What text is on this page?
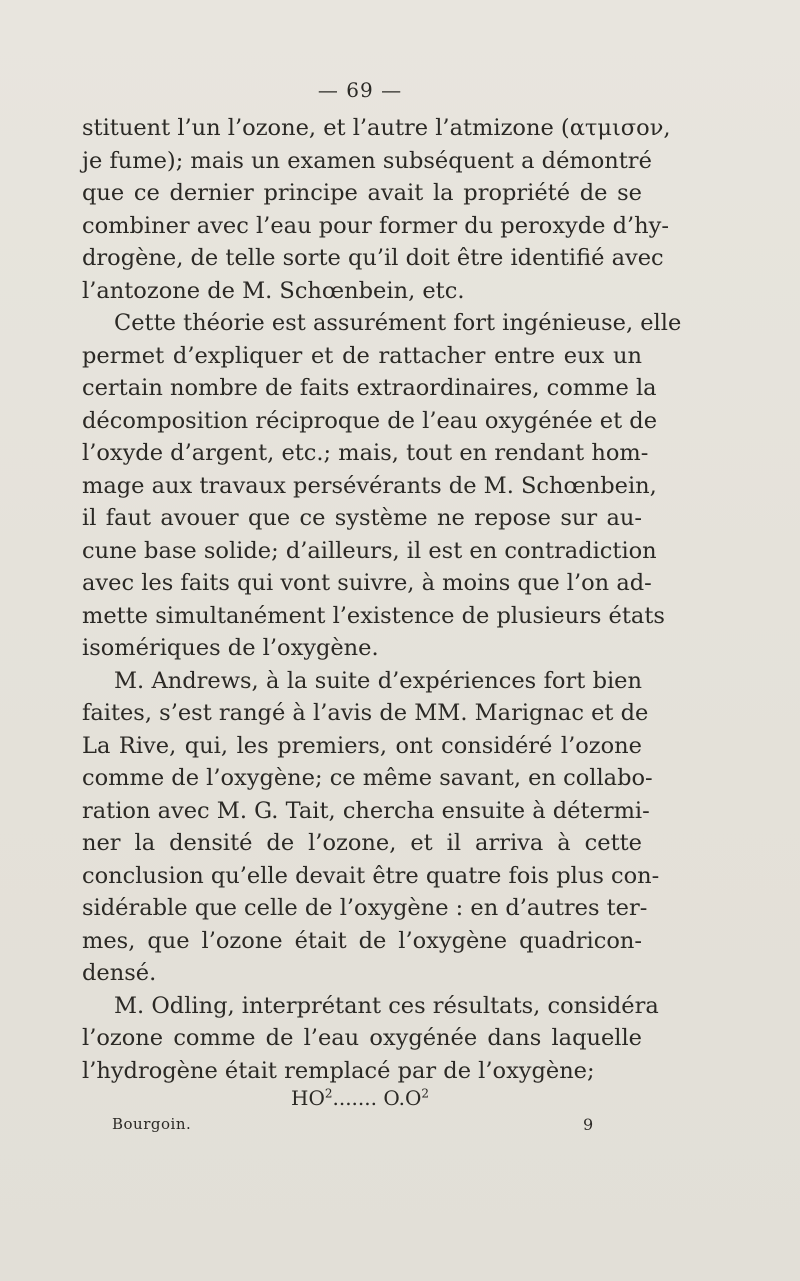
— 69 —

stituent l’un l’ozone, et l’autre l’atmizone (ατμισον,
je fume); mais un examen subséquent a démontré
que ce dernier principe avait la propriété de se
combiner avec l’eau pour former du peroxyde d’hy-
drogène, de telle sorte qu’il doit être identifié avec
l’antozone de M. Schœnbein, etc.

Cette théorie est assurément fort ingénieuse, elle
permet d’expliquer et de rattacher entre eux un
certain nombre de faits extraordinaires, comme la
décomposition réciproque de l’eau oxygénée et de
l’oxyde d’argent, etc.; mais, tout en rendant hom-
mage aux travaux persévérants de M. Schœnbein,
il faut avouer que ce système ne repose sur au-
cune base solide; d’ailleurs, il est en contradiction
avec les faits qui vont suivre, à moins que l’on ad-
mette simultanément l’existence de plusieurs états
isomériques de l’oxygène.

M. Andrews, à la suite d’expériences fort bien
faites, s’est rangé à l’avis de MM. Marignac et de
La Rive, qui, les premiers, ont considéré l’ozone
comme de l’oxygène; ce même savant, en collabo-
ration avec M. G. Tait, chercha ensuite à détermi-
ner la densité de l’ozone, et il arriva à cette
conclusion qu’elle devait être quatre fois plus con-
sidérable que celle de l’oxygène : en d’autres ter-
mes, que l’ozone était de l’oxygène quadricon-
densé.

M. Odling, interprétant ces résultats, considéra
l’ozone comme de l’eau oxygénée dans laquelle
l’hydrogène était remplacé par de l’oxygène;

$HO^2$....... $O.O^2$
Bourgoin.	9
